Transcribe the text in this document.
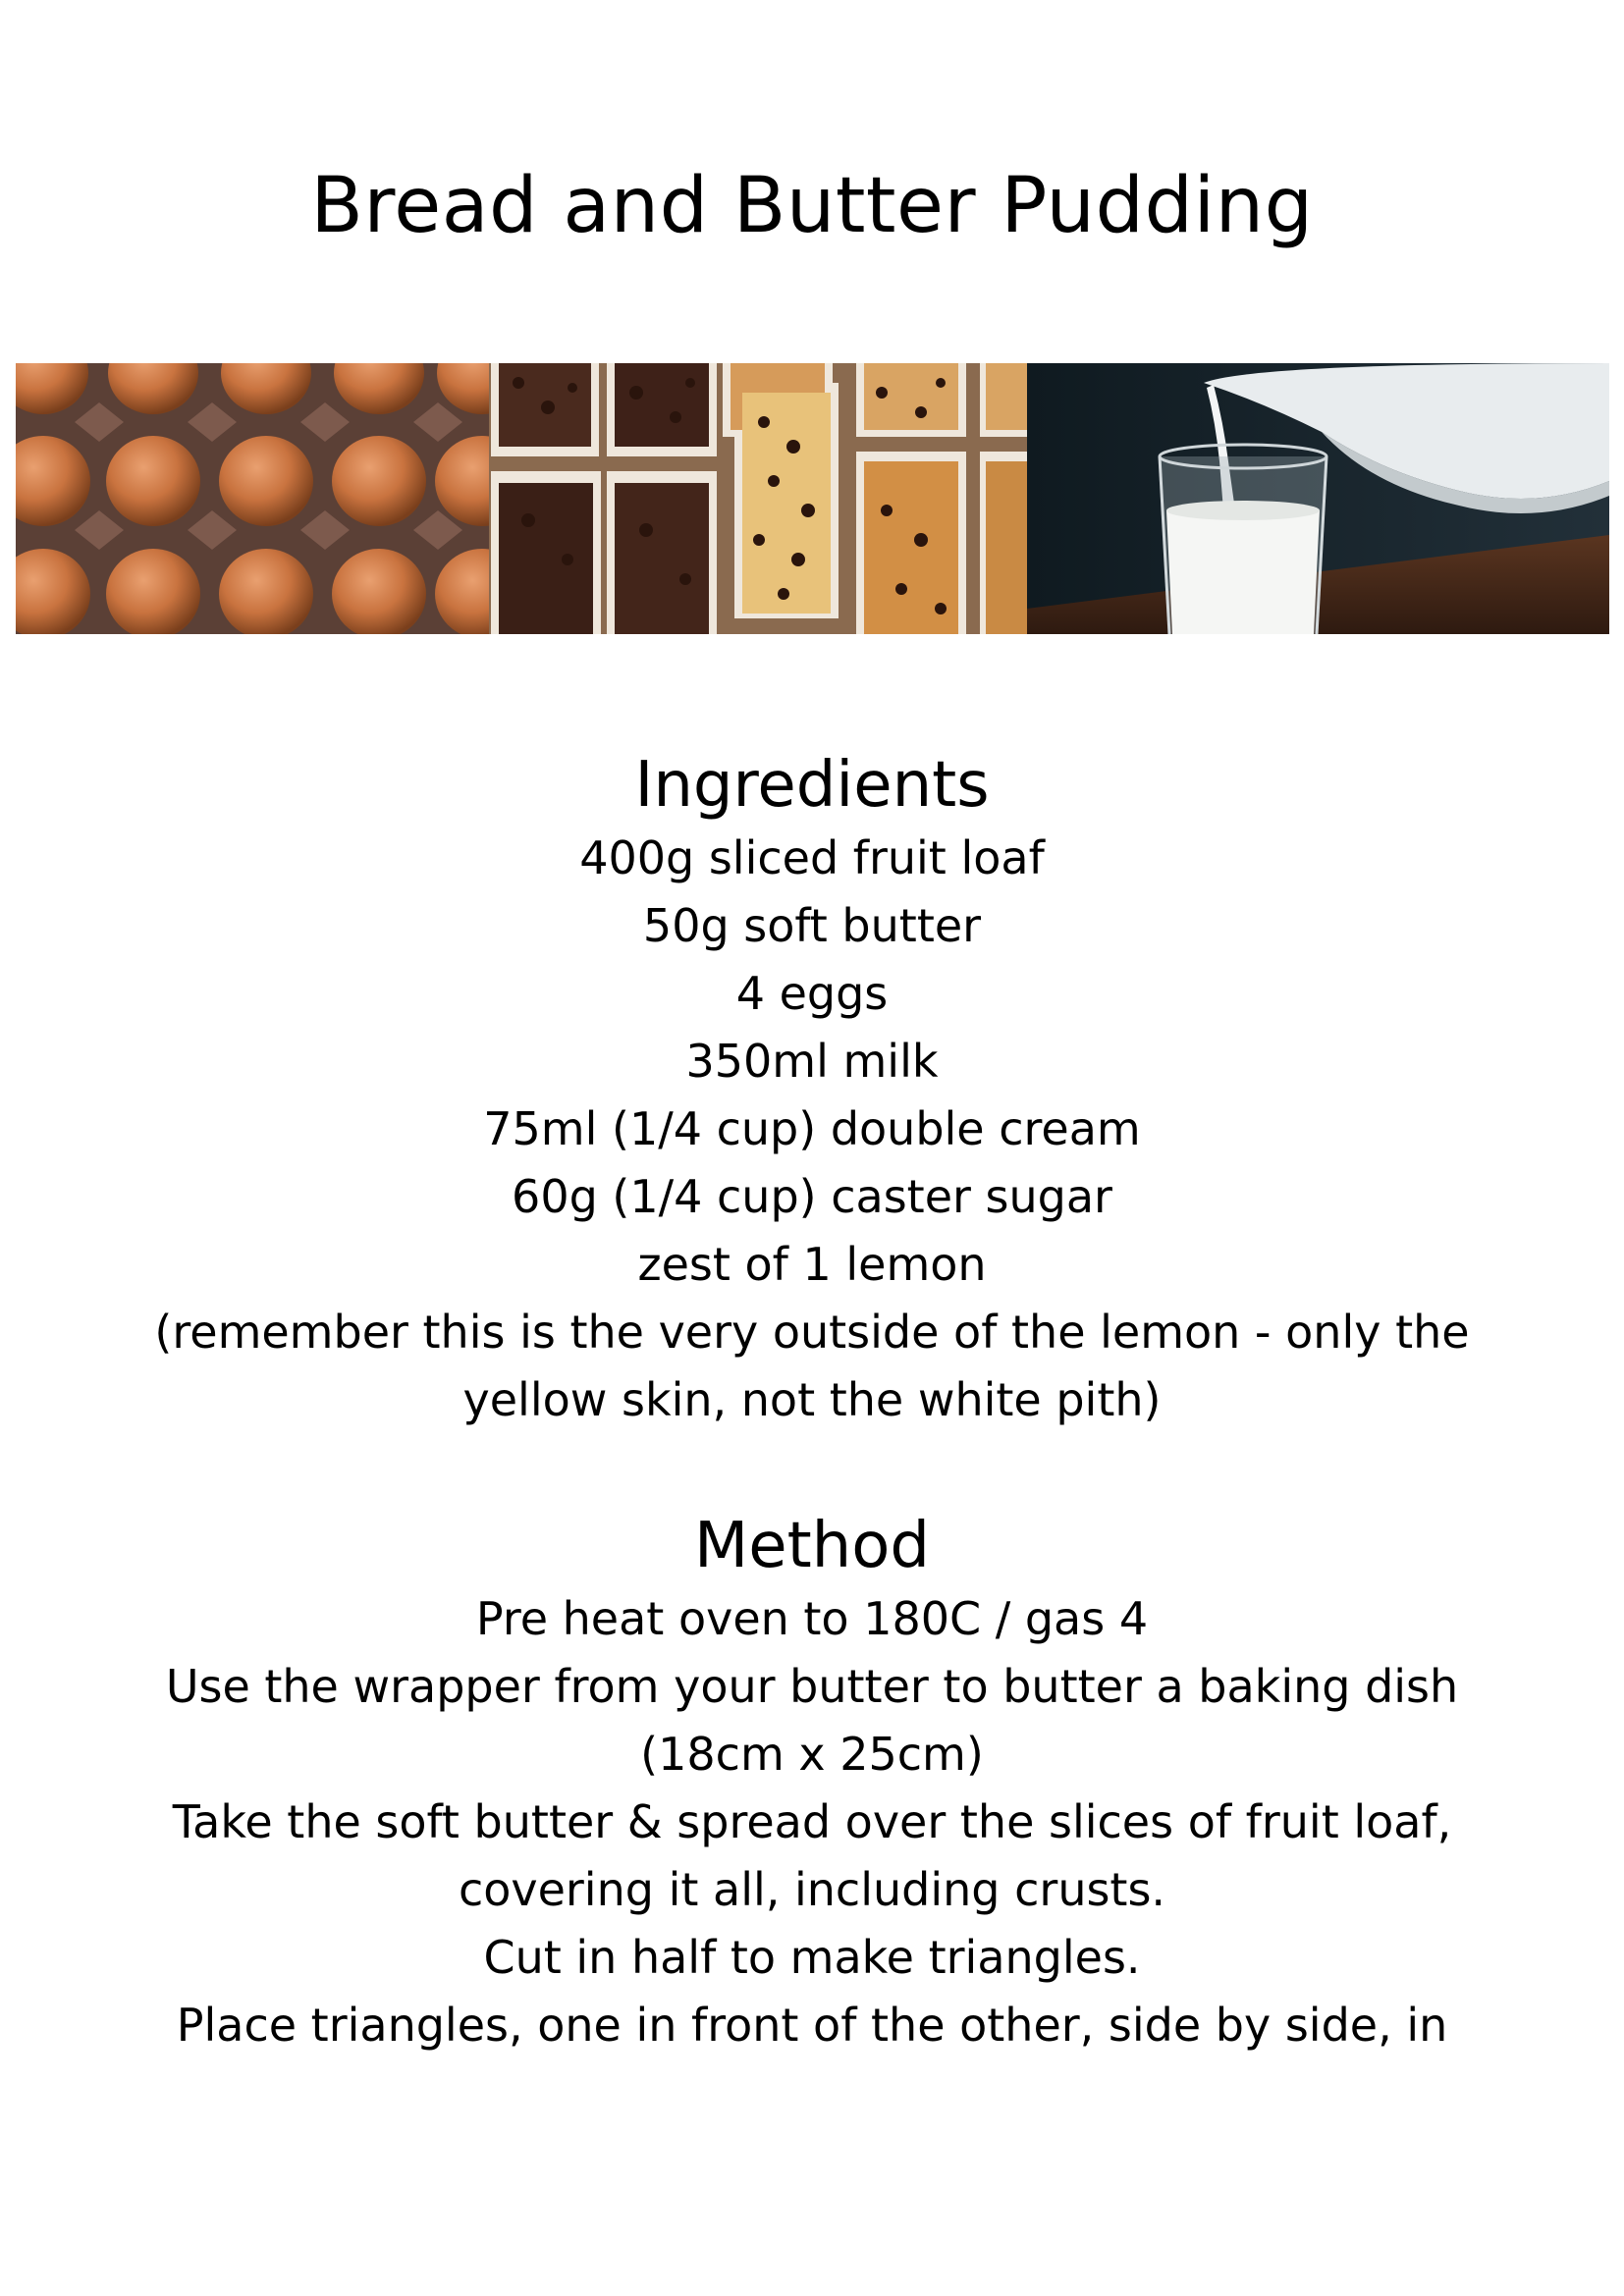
Bread and Butter Pudding
Ingredients
400g sliced fruit loaf
50g soft butter
4 eggs
350ml milk
75ml (1/4 cup) double cream
60g (1/4 cup) caster sugar
zest of 1 lemon
(remember this is the very outside of the lemon - only the
yellow skin, not the white pith)
Method
Pre heat oven to 180C / gas 4
Use the wrapper from your butter to butter a baking dish
(18cm x 25cm)
Take the soft butter & spread over the slices of fruit loaf,
covering it all, including crusts.
Cut in half to make triangles.
Place triangles, one in front of the other, side by side, in
